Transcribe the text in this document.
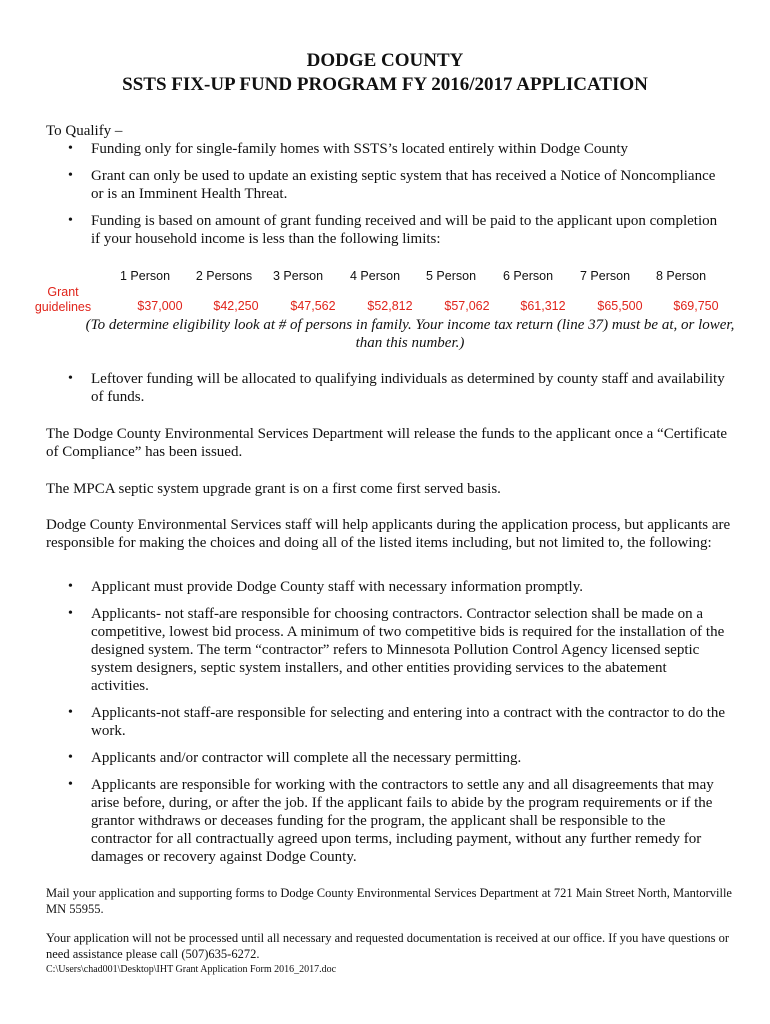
DODGE COUNTY
SSTS FIX-UP FUND PROGRAM FY 2016/2017 APPLICATION
To Qualify –
• Funding only for single-family homes with SSTS’s located entirely within Dodge County
• Grant can only be used to update an existing septic system that has received a Notice of Noncompliance or is an Imminent Health Threat.
• Funding is based on amount of grant funding received and will be paid to the applicant upon completion if your household income is less than the following limits:
Grant
guidelines
1 Person	2 Persons	3 Person	4 Person	5 Person	6 Person	7 Person	8 Person
$37,000	$42,250	$47,562	$52,812	$57,062	$61,312	$65,500	$69,750
(To determine eligibility look at # of persons in family. Your income tax return (line 37) must be at, or lower, than this number.)
• Leftover funding will be allocated to qualifying individuals as determined by county staff and availability of funds.
The Dodge County Environmental Services Department will release the funds to the applicant once a “Certificate of Compliance” has been issued.
The MPCA septic system upgrade grant is on a first come first served basis.
Dodge County Environmental Services staff will help applicants during the application process, but applicants are responsible for making the choices and doing all of the listed items including, but not limited to, the following:
• Applicant must provide Dodge County staff with necessary information promptly.
• Applicants- not staff-are responsible for choosing contractors. Contractor selection shall be made on a competitive, lowest bid process. A minimum of two competitive bids is required for the installation of the designed system. The term “contractor” refers to Minnesota Pollution Control Agency licensed septic system designers, septic system installers, and other entities providing services to the abatement activities.
• Applicants-not staff-are responsible for selecting and entering into a contract with the contractor to do the work.
• Applicants and/or contractor will complete all the necessary permitting.
• Applicants are responsible for working with the contractors to settle any and all disagreements that may arise before, during, or after the job. If the applicant fails to abide by the program requirements or if the grantor withdraws or deceases funding for the program, the applicant shall be responsible to the contractor for all contractually agreed upon terms, including payment, without any further remedy for damages or recovery against Dodge County.
Mail your application and supporting forms to Dodge County Environmental Services Department at 721 Main Street North, Mantorville MN 55955.
Your application will not be processed until all necessary and requested documentation is received at our office. If you have questions or need assistance please call (507)635-6272.
C:\Users\chad001\Desktop\IHT Grant Application Form 2016_2017.doc
